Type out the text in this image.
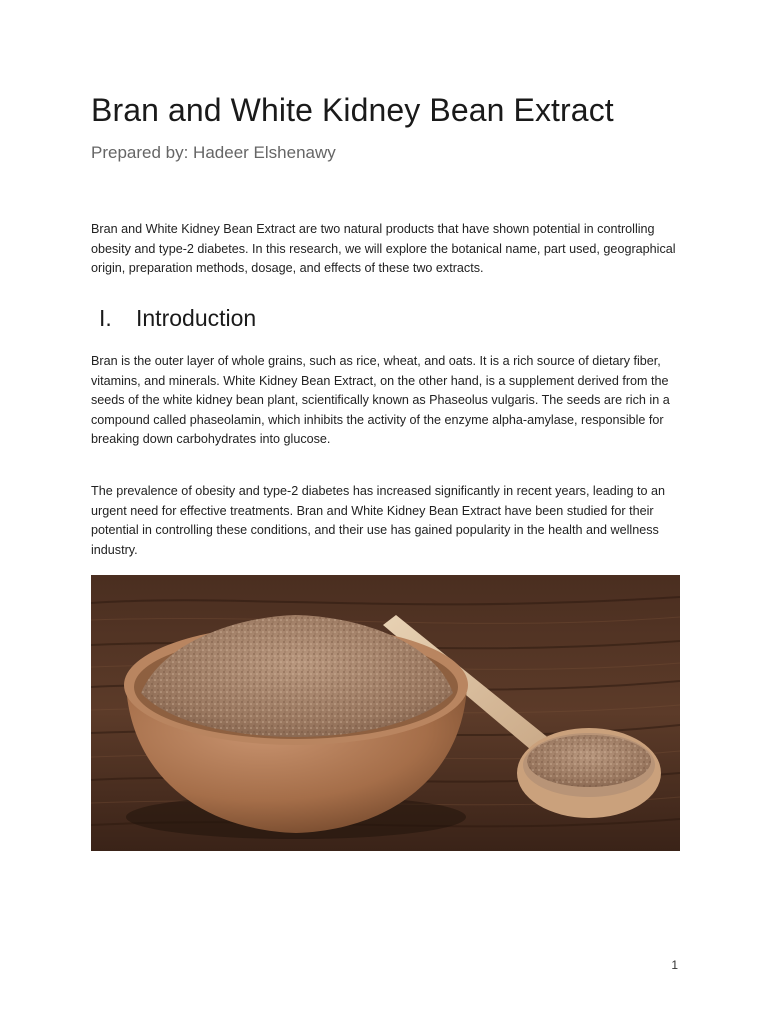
Bran and White Kidney Bean Extract

Prepared by: Hadeer Elshenawy

Bran and White Kidney Bean Extract are two natural products that have shown potential in controlling obesity and type-2 diabetes. In this research, we will explore the botanical name, part used, geographical origin, preparation methods, dosage, and effects of these two extracts.

I. Introduction

Bran is the outer layer of whole grains, such as rice, wheat, and oats. It is a rich source of dietary fiber, vitamins, and minerals. White Kidney Bean Extract, on the other hand, is a supplement derived from the seeds of the white kidney bean plant, scientifically known as Phaseolus vulgaris. The seeds are rich in a compound called phaseolamin, which inhibits the activity of the enzyme alpha-amylase, responsible for breaking down carbohydrates into glucose.

The prevalence of obesity and type-2 diabetes has increased significantly in recent years, leading to an urgent need for effective treatments. Bran and White Kidney Bean Extract have been studied for their potential in controlling these conditions, and their use has gained popularity in the health and wellness industry.

1
